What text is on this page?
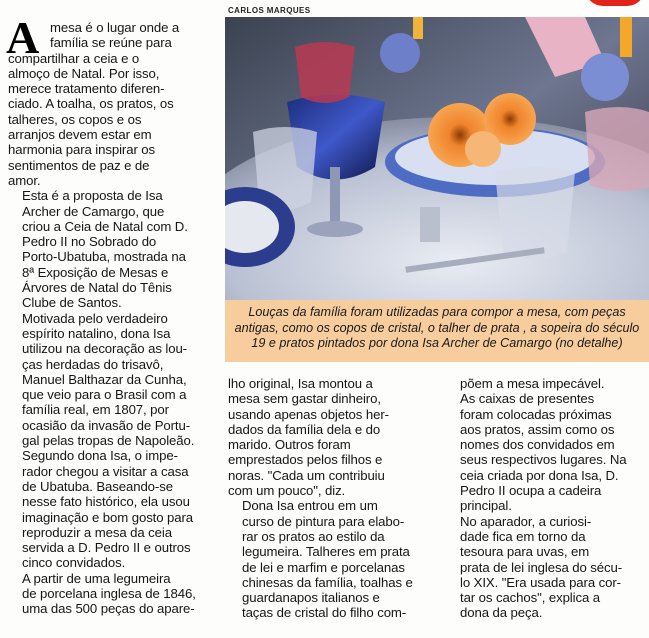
CARLOS MARQUES
A mesa é o lugar onde a
família se reúne para
compartilhar a ceia e o
almoço de Natal. Por isso,
merece tratamento diferen-
ciado. A toalha, os pratos, os
talheres, os copos e os
arranjos devem estar em
harmonia para inspirar os
sentimentos de paz e de
amor.

Esta é a proposta de Isa
Archer de Camargo, que
criou a Ceia de Natal com D.
Pedro II no Sobrado do
Porto-Ubatuba, mostrada na
8ª Exposição de Mesas e
Árvores de Natal do Tênis
Clube de Santos.

Motivada pelo verdadeiro
espírito natalino, dona Isa
utilizou na decoração as lou-
ças herdadas do trisavô,
Manuel Balthazar da Cunha,
que veio para o Brasil com a
família real, em 1807, por
ocasião da invasão de Portu-
gal pelas tropas de Napoleão.

Segundo dona Isa, o impe-
rador chegou a visitar a casa
de Ubatuba. Baseando-se
nesse fato histórico, ela usou
imaginação e bom gosto para
reproduzir a mesa da ceia
servida a D. Pedro II e outros
cinco convidados.

A partir de uma legumeira
de porcelana inglesa de 1846,
uma das 500 peças do apare-

Louças da família foram utilizadas para compor a mesa, com peças
antigas, como os copos de cristal, o talher de prata , a sopeira do século
19 e pratos pintados por dona Isa Archer de Camargo (no detalhe)

lho original, Isa montou a
mesa sem gastar dinheiro,
usando apenas objetos her-
dados da família dela e do
marido. Outros foram
emprestados pelos filhos e
noras. "Cada um contribuiu
com um pouco", diz.

Dona Isa entrou em um
curso de pintura para elabo-
rar os pratos ao estilo da
legumeira. Talheres em prata
de lei e marfim e porcelanas
chinesas da família, toalhas e
guardanapos italianos e
taças de cristal do filho com-

põem a mesa impecável.

As caixas de presentes
foram colocadas próximas
aos pratos, assim como os
nomes dos convidados em
seus respectivos lugares. Na
ceia criada por dona Isa, D.
Pedro II ocupa a cadeira
principal.

No aparador, a curiosi-
dade fica em torno da
tesoura para uvas, em
prata de lei inglesa do sécu-
lo XIX. "Era usada para cor-
tar os cachos", explica a
dona da peça.
